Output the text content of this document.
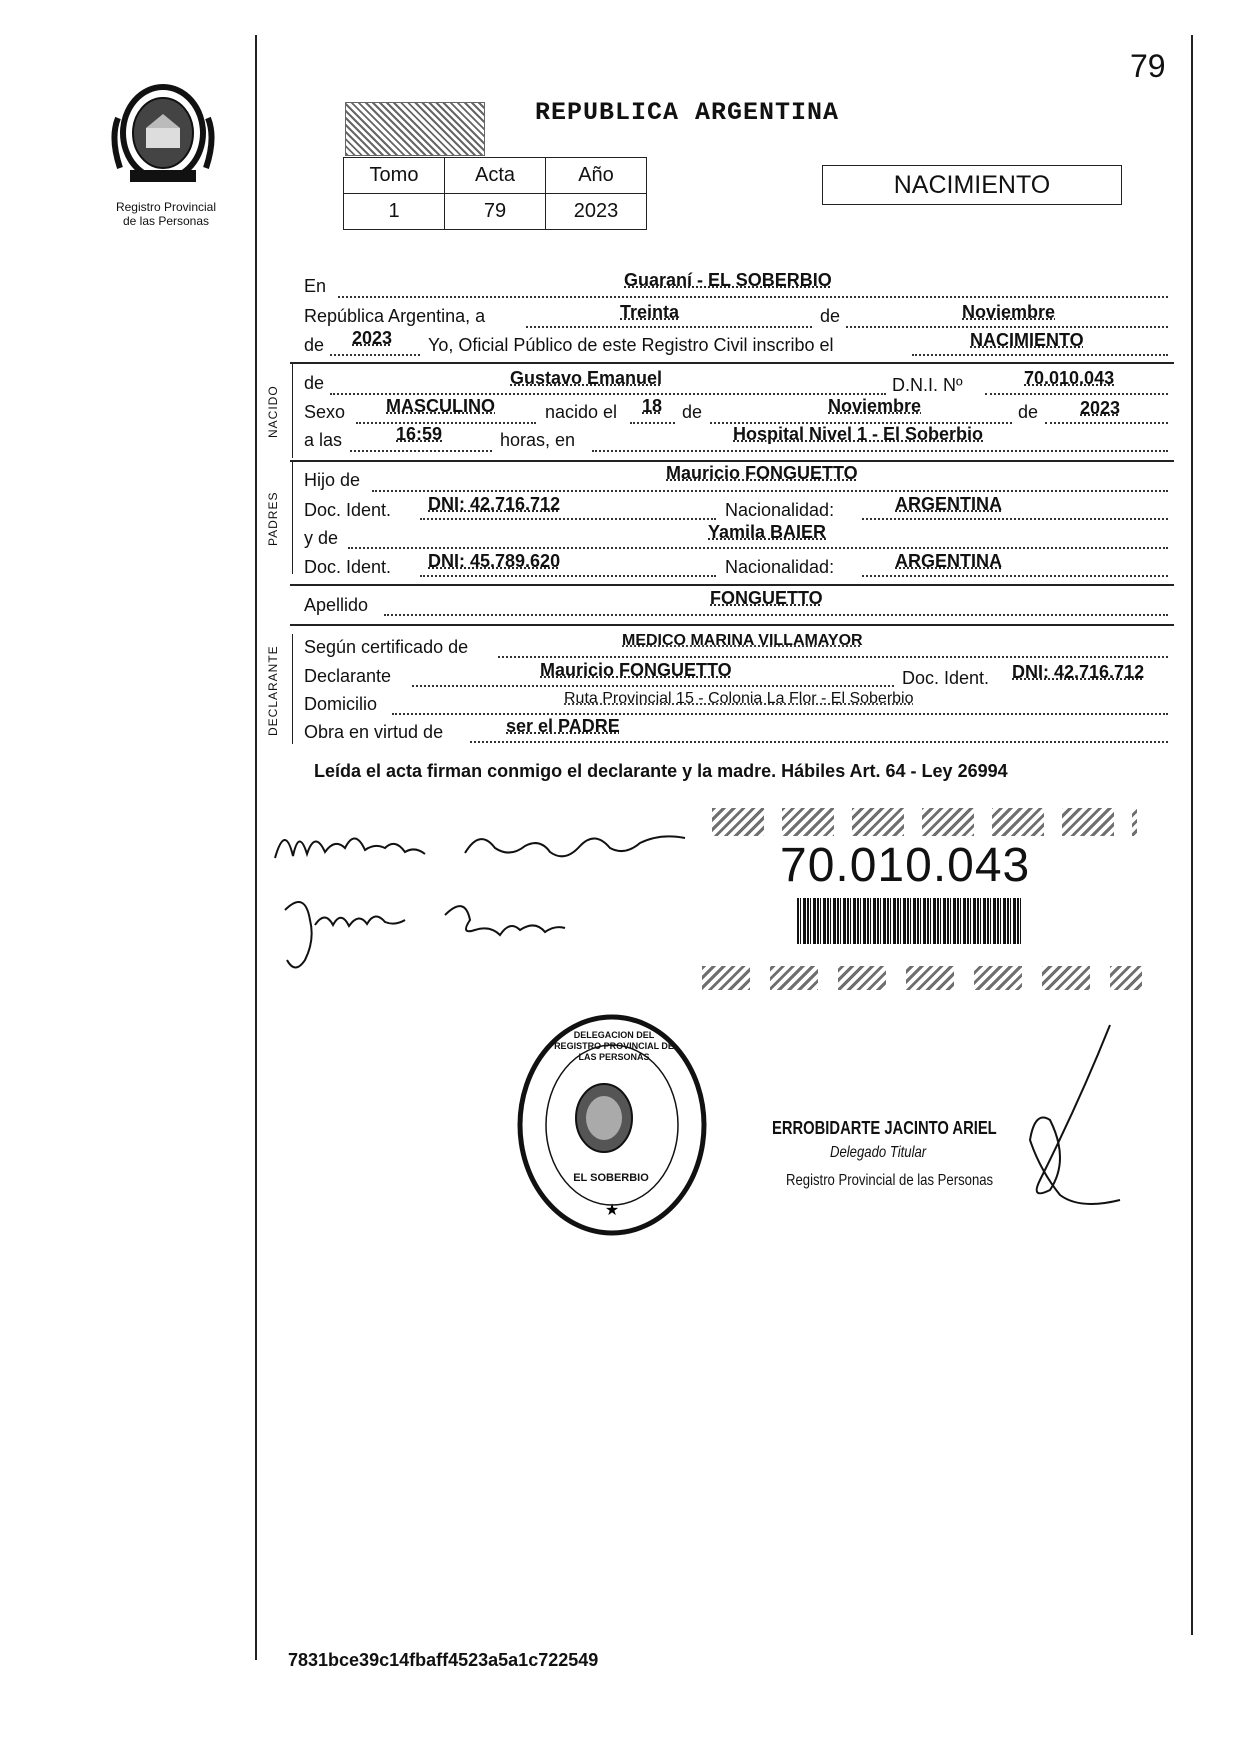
79
Registro Provincial
de las Personas
REPUBLICA ARGENTINA
Tomo	Acta	Año
1	79	2023
NACIMIENTO
En	Guaraní - EL SOBERBIO
República Argentina, a	Treinta	de	Noviembre
de 2023 Yo, Oficial Público de este Registro Civil inscribo el	NACIMIENTO
NACIDO
de	Gustavo Emanuel	D.N.I. Nº	70.010.043
Sexo MASCULINO	nacido el 18 de	Noviembre	de 2023
a las	16:59	horas, en	Hospital Nivel 1 - El Soberbio
PADRES
Hijo de	Mauricio FONGUETTO
Doc. Ident. DNI: 42.716.712	Nacionalidad:	ARGENTINA
y de	Yamila BAIER
Doc. Ident. DNI: 45.789.620	Nacionalidad:	ARGENTINA
Apellido	FONGUETTO
DECLARANTE Según certificado de	MEDICO MARINA VILLAMAYOR
Declarante	Mauricio FONGUETTO	Doc. Ident. DNI: 42.716.712
Domicilio	Ruta Provincial 15 - Colonia La Flor - El Soberbio
Obra en virtud de	ser el PADRE
Leída el acta firman conmigo el declarante y la madre. Hábiles Art. 64 - Ley 26994
70.010.043
★
DELEGACION DEL REGISTRO PROVINCIAL DE LAS PERSONAS
EL SOBERBIO
ERROBIDARTE JACINTO ARIEL
Delegado Titular
Registro Provincial de las Personas
7831bce39c14fbaff4523a5a1c722549
